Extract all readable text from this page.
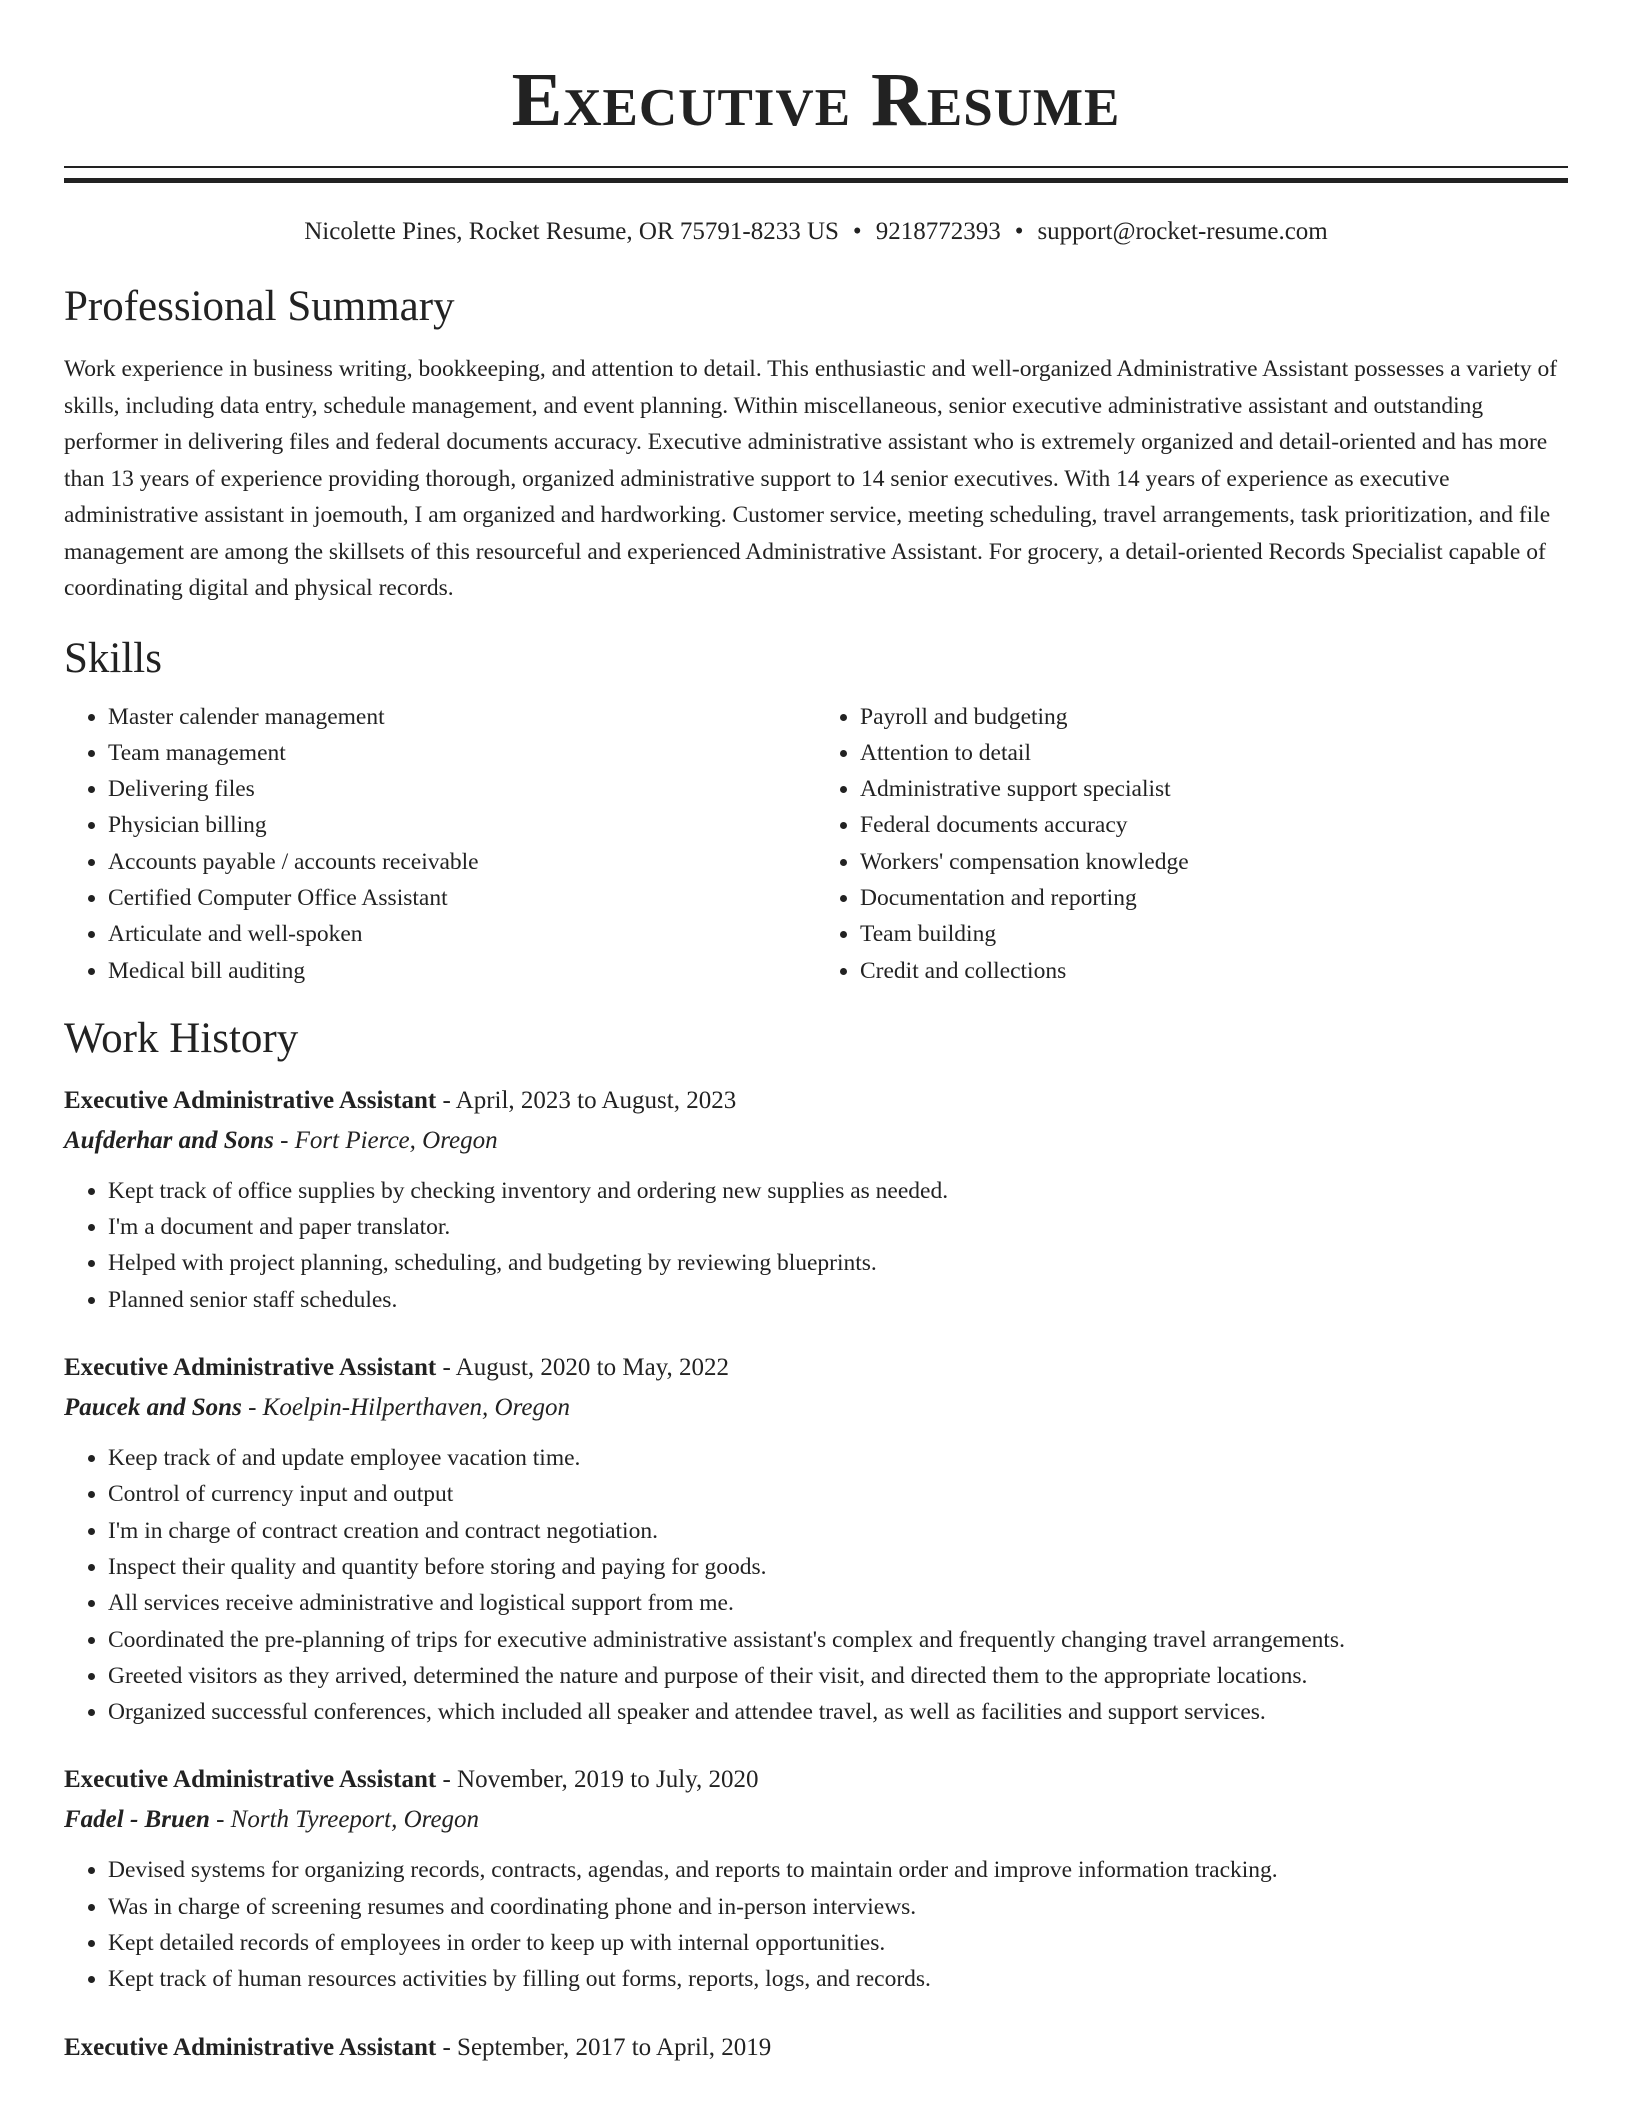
Executive Resume
Nicolette Pines, Rocket Resume, OR 75791-8233 US • 9218772393 • support@rocket-resume.com
Professional Summary
Work experience in business writing, bookkeeping, and attention to detail. This enthusiastic and well-organized Administrative Assistant possesses a variety of skills, including data entry, schedule management, and event planning. Within miscellaneous, senior executive administrative assistant and outstanding performer in delivering files and federal documents accuracy. Executive administrative assistant who is extremely organized and detail-oriented and has more than 13 years of experience providing thorough, organized administrative support to 14 senior executives. With 14 years of experience as executive administrative assistant in joemouth, I am organized and hardworking. Customer service, meeting scheduling, travel arrangements, task prioritization, and file management are among the skillsets of this resourceful and experienced Administrative Assistant. For grocery, a detail-oriented Records Specialist capable of coordinating digital and physical records.
Skills
• Master calender management
• Team management
• Delivering files
• Physician billing
• Accounts payable / accounts receivable
• Certified Computer Office Assistant
• Articulate and well-spoken
• Medical bill auditing
• Payroll and budgeting
• Attention to detail
• Administrative support specialist
• Federal documents accuracy
• Workers' compensation knowledge
• Documentation and reporting
• Team building
• Credit and collections
Work History
Executive Administrative Assistant - April, 2023 to August, 2023
Aufderhar and Sons - Fort Pierce, Oregon
• Kept track of office supplies by checking inventory and ordering new supplies as needed.
• I'm a document and paper translator.
• Helped with project planning, scheduling, and budgeting by reviewing blueprints.
• Planned senior staff schedules.
Executive Administrative Assistant - August, 2020 to May, 2022
Paucek and Sons - Koelpin-Hilperthaven, Oregon
• Keep track of and update employee vacation time.
• Control of currency input and output
• I'm in charge of contract creation and contract negotiation.
• Inspect their quality and quantity before storing and paying for goods.
• All services receive administrative and logistical support from me.
• Coordinated the pre-planning of trips for executive administrative assistant's complex and frequently changing travel arrangements.
• Greeted visitors as they arrived, determined the nature and purpose of their visit, and directed them to the appropriate locations.
• Organized successful conferences, which included all speaker and attendee travel, as well as facilities and support services.
Executive Administrative Assistant - November, 2019 to July, 2020
Fadel - Bruen - North Tyreeport, Oregon
• Devised systems for organizing records, contracts, agendas, and reports to maintain order and improve information tracking.
• Was in charge of screening resumes and coordinating phone and in-person interviews.
• Kept detailed records of employees in order to keep up with internal opportunities.
• Kept track of human resources activities by filling out forms, reports, logs, and records.
Executive Administrative Assistant - September, 2017 to April, 2019
